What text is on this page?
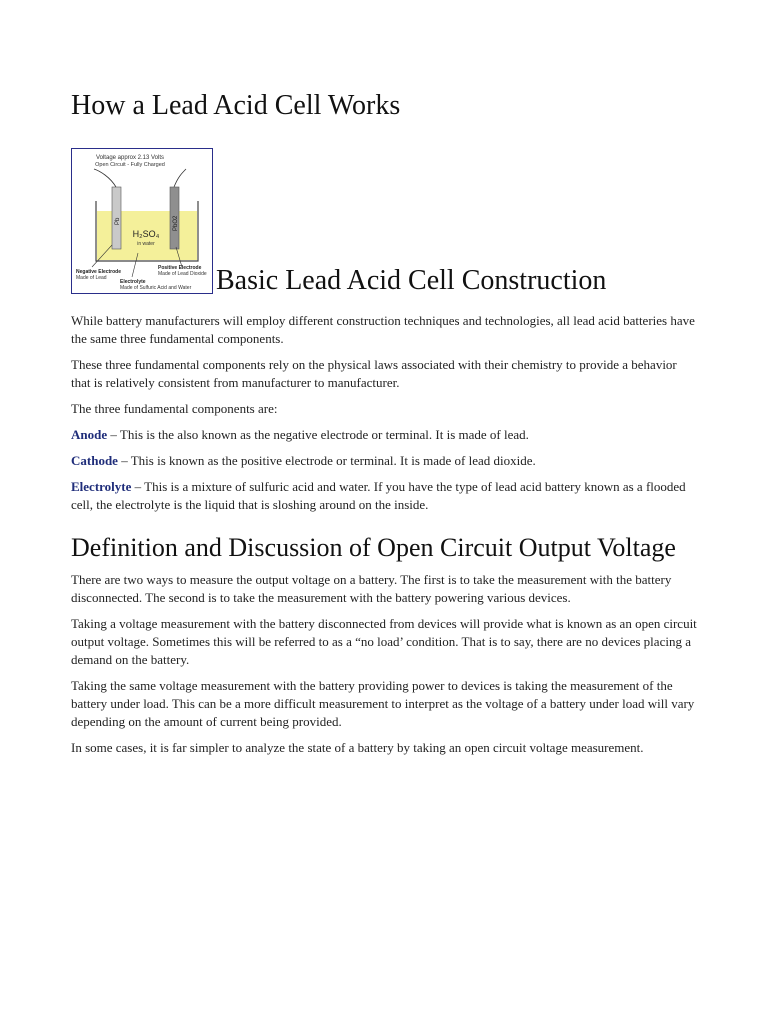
How a Lead Acid Cell Works
Voltage approx 2.13 Volts
Open Circuit - Fully Charged
Pb	PbO2
H₂SO₄
in water
Negative Electrode
Made of Lead
Positive Electrode
Made of Lead Dioxide
Electrolyte
Made of Sulfuric Acid and Water Basic Lead Acid Cell Construction

While battery manufacturers will employ different construction techniques and technologies, all lead acid batteries have the same three fundamental components.

These three fundamental components rely on the physical laws associated with their chemistry to provide a behavior that is relatively consistent from manufacturer to manufacturer.

The three fundamental components are:

Anode – This is the also known as the negative electrode or terminal. It is made of lead.

Cathode – This is known as the positive electrode or terminal. It is made of lead dioxide.

Electrolyte – This is a mixture of sulfuric acid and water. If you have the type of lead acid battery known as a flooded cell, the electrolyte is the liquid that is sloshing around on the inside.

Definition and Discussion of Open Circuit Output Voltage

There are two ways to measure the output voltage on a battery. The first is to take the measurement with the battery disconnected. The second is to take the measurement with the battery powering various devices.

Taking a voltage measurement with the battery disconnected from devices will provide what is known as an open circuit output voltage. Sometimes this will be referred to as a “no load’ condition. That is to say, there are no devices placing a demand on the battery.

Taking the same voltage measurement with the battery providing power to devices is taking the measurement of the battery under load. This can be a more difficult measurement to interpret as the voltage of a battery under load will vary depending on the amount of current being provided.

In some cases, it is far simpler to analyze the state of a battery by taking an open circuit voltage measurement.
